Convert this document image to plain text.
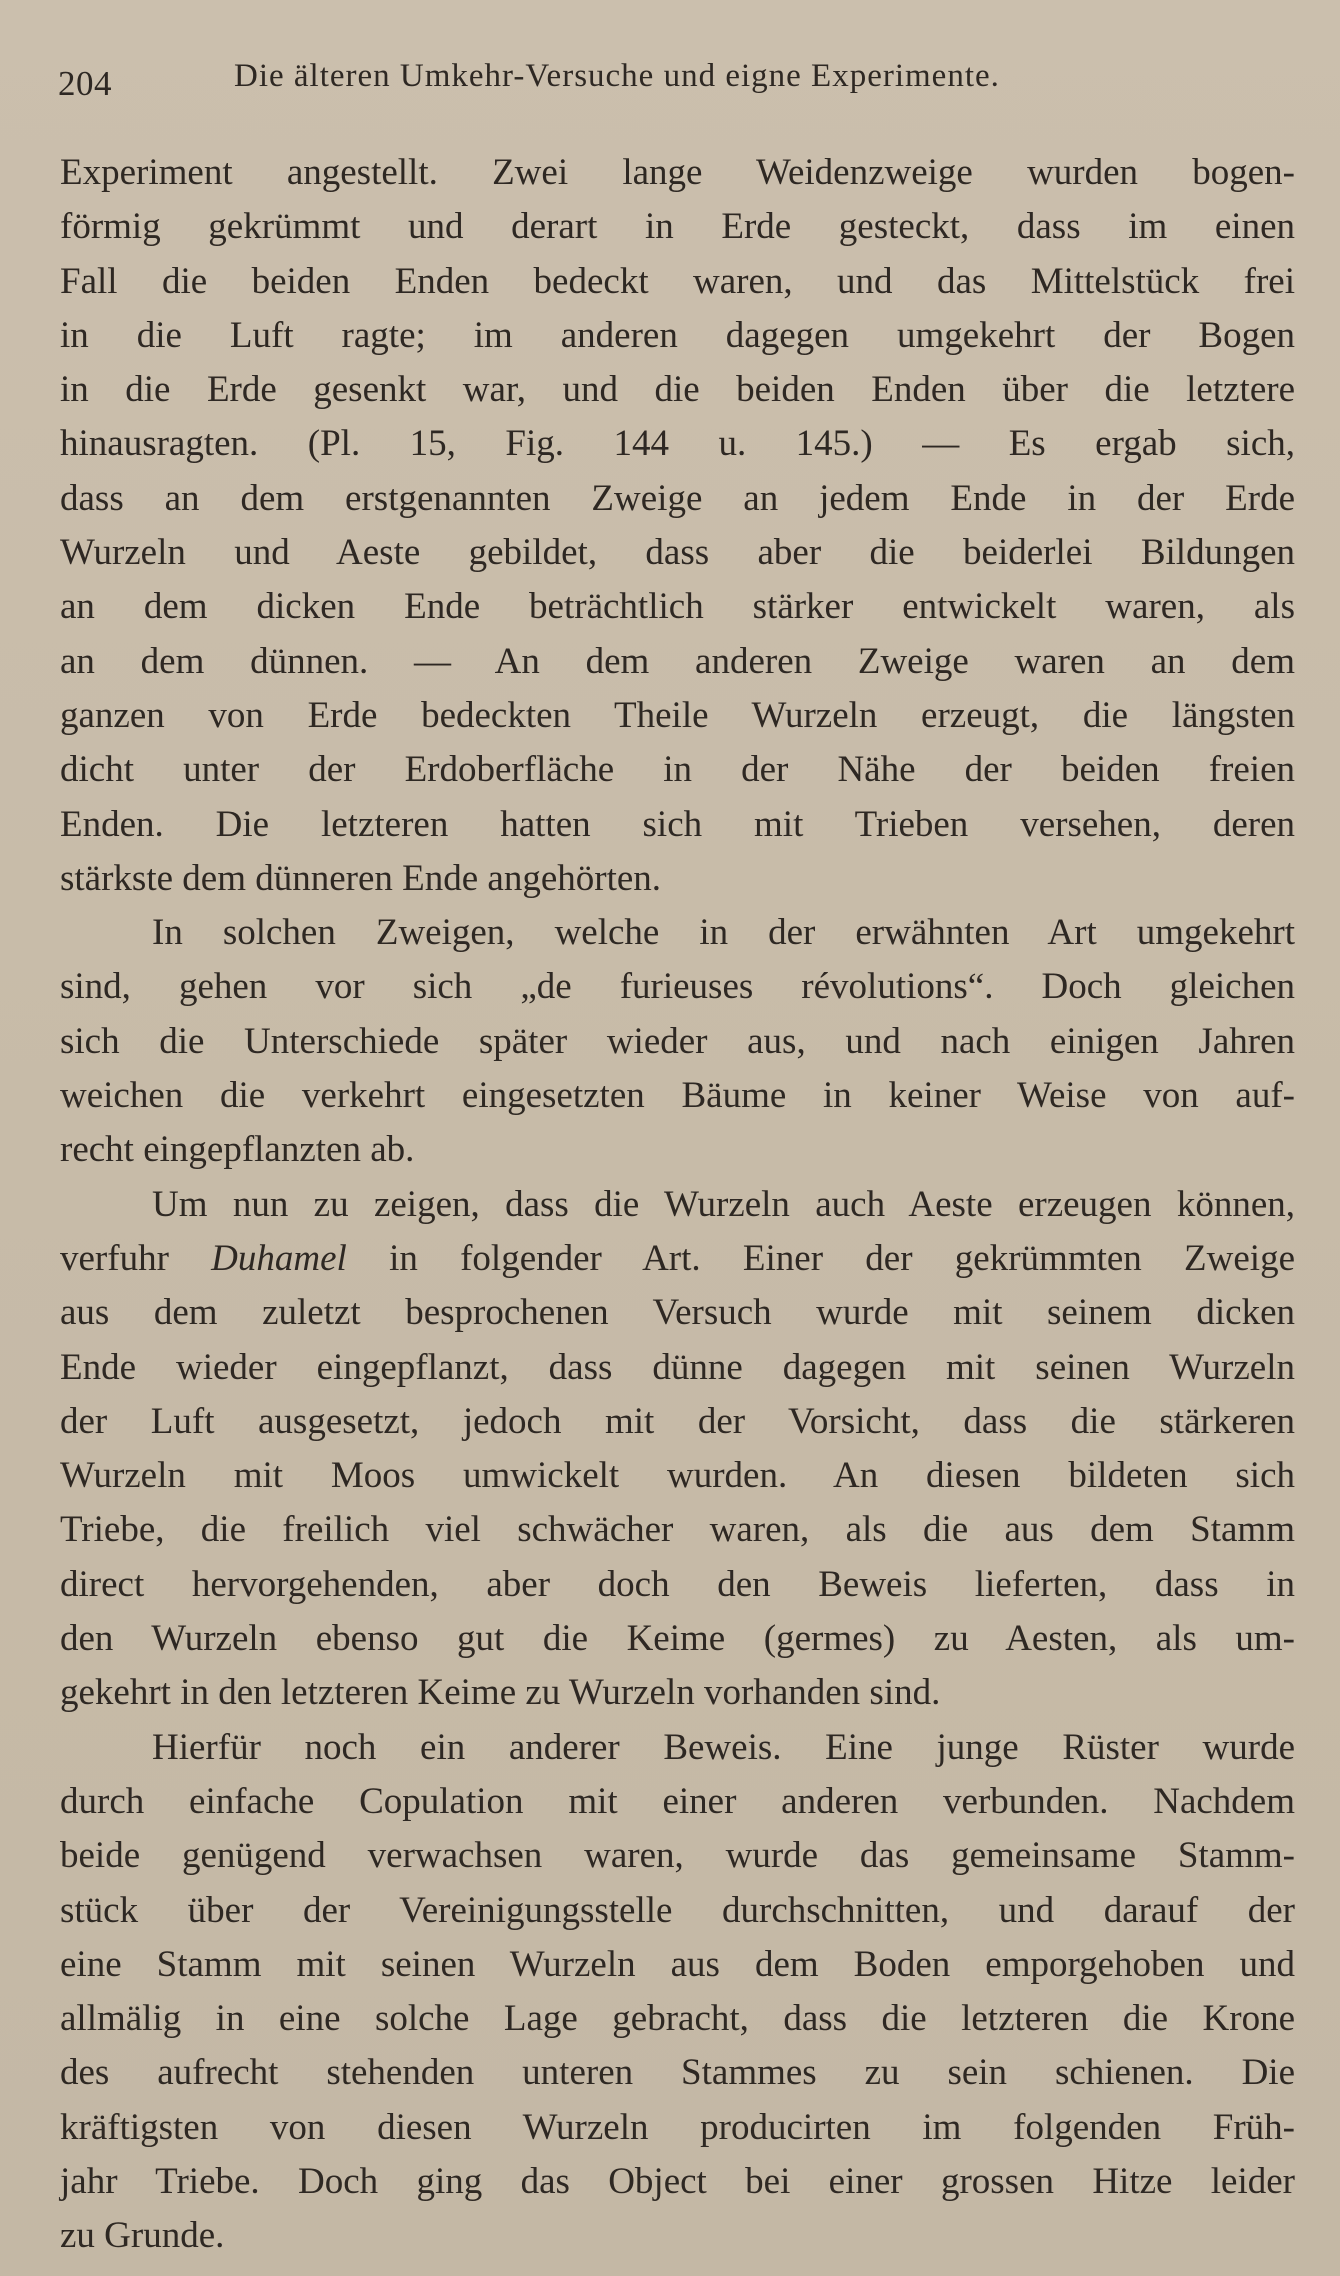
204	Die älteren Umkehr-Versuche und eigne Experimente.
Experiment angestellt. Zwei lange Weidenzweige wurden bogen-
förmig gekrümmt und derart in Erde gesteckt, dass im einen
Fall die beiden Enden bedeckt waren, und das Mittelstück frei
in die Luft ragte; im anderen dagegen umgekehrt der Bogen
in die Erde gesenkt war, und die beiden Enden über die letztere
hinausragten. (Pl. 15, Fig. 144 u. 145.) — Es ergab sich,
dass an dem erstgenannten Zweige an jedem Ende in der Erde
Wurzeln und Aeste gebildet, dass aber die beiderlei Bildungen
an dem dicken Ende beträchtlich stärker entwickelt waren, als
an dem dünnen. — An dem anderen Zweige waren an dem
ganzen von Erde bedeckten Theile Wurzeln erzeugt, die längsten
dicht unter der Erdoberfläche in der Nähe der beiden freien
Enden. Die letzteren hatten sich mit Trieben versehen, deren
stärkste dem dünneren Ende angehörten.
In solchen Zweigen, welche in der erwähnten Art umgekehrt
sind, gehen vor sich „de furieuses révolutions“. Doch gleichen
sich die Unterschiede später wieder aus, und nach einigen Jahren
weichen die verkehrt eingesetzten Bäume in keiner Weise von auf-
recht eingepflanzten ab.
Um nun zu zeigen, dass die Wurzeln auch Aeste erzeugen können,
verfuhr Duhamel in folgender Art. Einer der gekrümmten Zweige
aus dem zuletzt besprochenen Versuch wurde mit seinem dicken
Ende wieder eingepflanzt, dass dünne dagegen mit seinen Wurzeln
der Luft ausgesetzt, jedoch mit der Vorsicht, dass die stärkeren
Wurzeln mit Moos umwickelt wurden. An diesen bildeten sich
Triebe, die freilich viel schwächer waren, als die aus dem Stamm
direct hervorgehenden, aber doch den Beweis lieferten, dass in
den Wurzeln ebenso gut die Keime (germes) zu Aesten, als um-
gekehrt in den letzteren Keime zu Wurzeln vorhanden sind.
Hierfür noch ein anderer Beweis. Eine junge Rüster wurde
durch einfache Copulation mit einer anderen verbunden. Nachdem
beide genügend verwachsen waren, wurde das gemeinsame Stamm-
stück über der Vereinigungsstelle durchschnitten, und darauf der
eine Stamm mit seinen Wurzeln aus dem Boden emporgehoben und
allmälig in eine solche Lage gebracht, dass die letzteren die Krone
des aufrecht stehenden unteren Stammes zu sein schienen. Die
kräftigsten von diesen Wurzeln producirten im folgenden Früh-
jahr Triebe. Doch ging das Object bei einer grossen Hitze leider
zu Grunde.
